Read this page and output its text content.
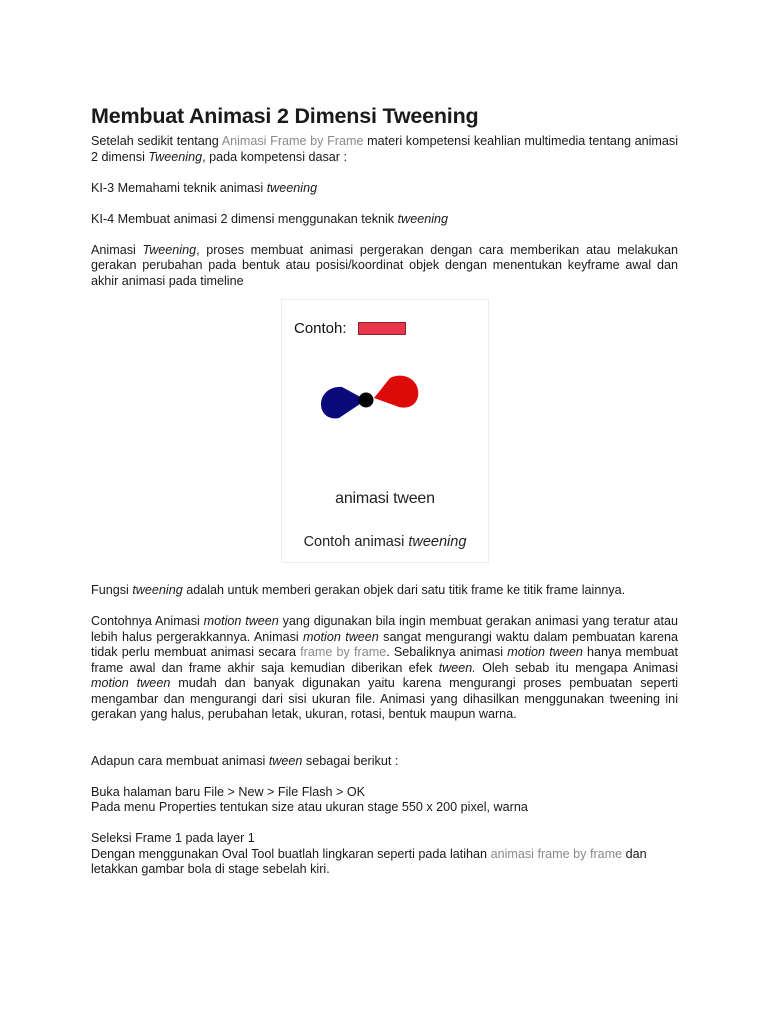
Membuat Animasi 2 Dimensi Tweening

Setelah sedikit tentang Animasi Frame by Frame materi kompetensi keahlian multimedia tentang animasi 2 dimensi Tweening, pada kompetensi dasar :

KI-3 Memahami teknik animasi tweening

KI-4 Membuat animasi 2 dimensi menggunakan teknik tweening

Animasi Tweening, proses membuat animasi pergerakan dengan cara memberikan atau melakukan gerakan perubahan pada bentuk atau posisi/koordinat objek dengan menentukan keyframe awal dan akhir animasi pada timeline

Contoh:
animasi tween
Contoh animasi tweening

Fungsi tweening adalah untuk memberi gerakan objek dari satu titik frame ke titik frame lainnya.

Contohnya Animasi motion tween yang digunakan bila ingin membuat gerakan animasi yang teratur atau lebih halus pergerakkannya. Animasi motion tween sangat mengurangi waktu dalam pembuatan karena tidak perlu membuat animasi secara frame by frame. Sebaliknya animasi motion tween hanya membuat frame awal dan frame akhir saja kemudian diberikan efek tween. Oleh sebab itu mengapa Animasi motion tween mudah dan banyak digunakan yaitu karena mengurangi proses pembuatan seperti mengambar dan mengurangi dari sisi ukuran file. Animasi yang dihasilkan menggunakan tweening ini gerakan yang halus, perubahan letak, ukuran, rotasi, bentuk maupun warna.

Adapun cara membuat animasi tween sebagai berikut :

Buka halaman baru File > New > File Flash > OK

Pada menu Properties tentukan size atau ukuran stage 550 x 200 pixel, warna

Seleksi Frame 1 pada layer 1

Dengan menggunakan Oval Tool buatlah lingkaran seperti pada latihan animasi frame by frame dan letakkan gambar bola di stage sebelah kiri.
